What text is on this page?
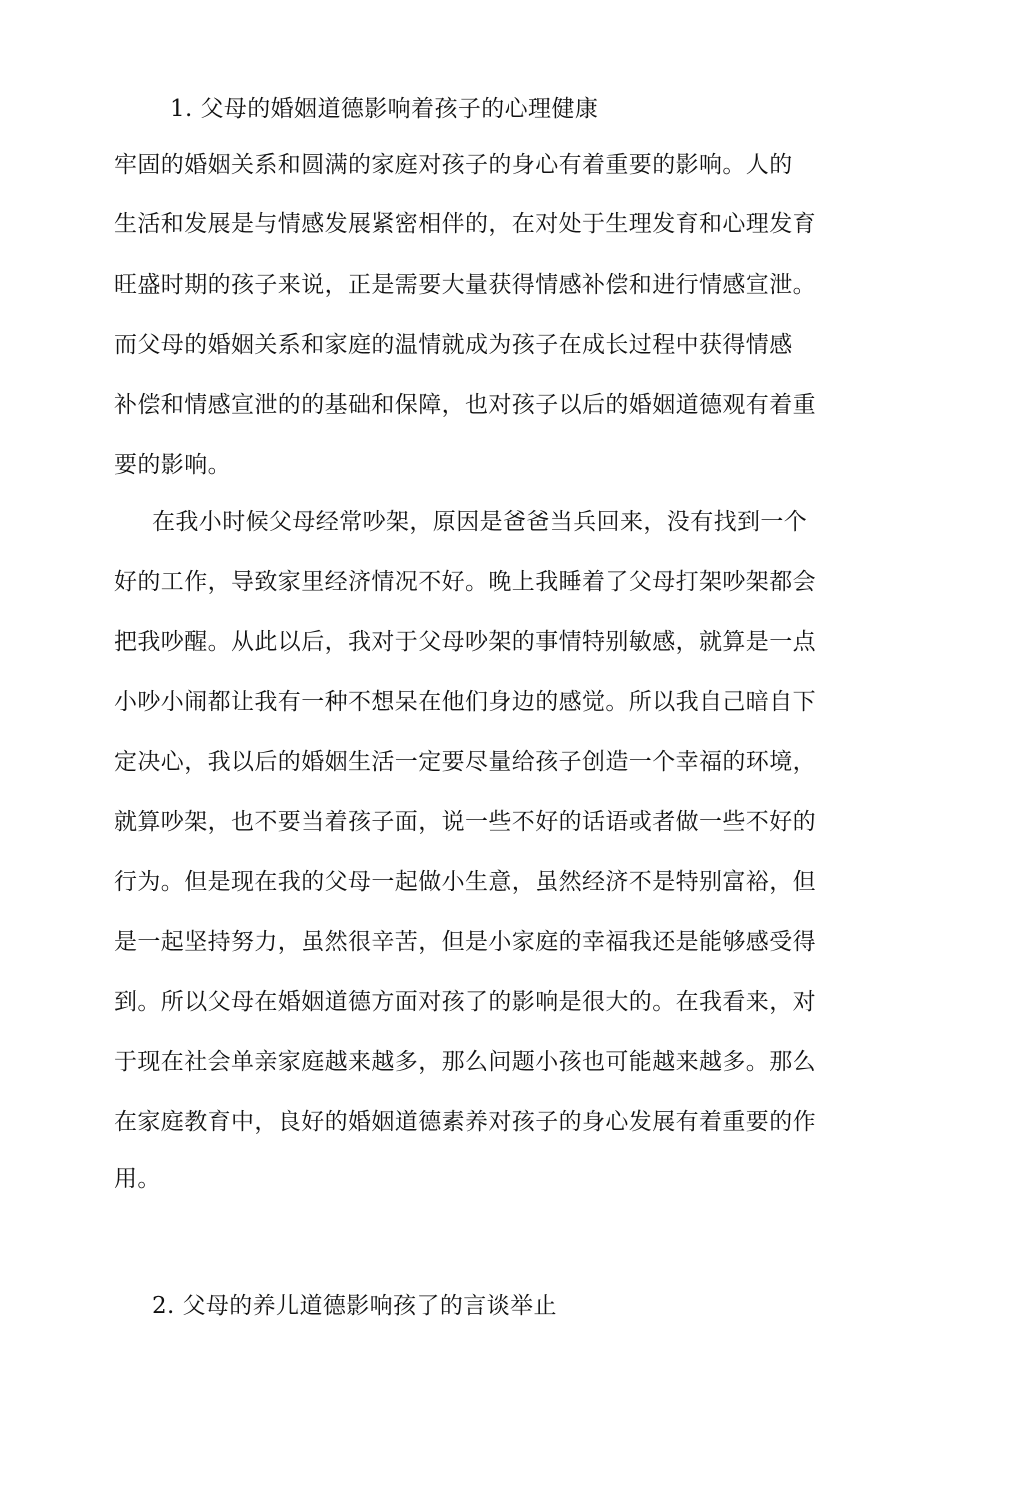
1. 父母的婚姻道德影响着孩子的心理健康
牢固的婚姻关系和圆满的家庭对孩子的身心有着重要的影响。人的
生活和发展是与情感发展紧密相伴的，在对处于生理发育和心理发育
旺盛时期的孩子来说，正是需要大量获得情感补偿和进行情感宣泄。
而父母的婚姻关系和家庭的温情就成为孩子在成长过程中获得情感
补偿和情感宣泄的的基础和保障，也对孩子以后的婚姻道德观有着重
要的影响。
在我小时候父母经常吵架，原因是爸爸当兵回来，没有找到一个
好的工作，导致家里经济情况不好。晚上我睡着了父母打架吵架都会
把我吵醒。从此以后，我对于父母吵架的事情特别敏感，就算是一点
小吵小闹都让我有一种不想呆在他们身边的感觉。所以我自己暗自下
定决心，我以后的婚姻生活一定要尽量给孩子创造一个幸福的环境，
就算吵架，也不要当着孩子面，说一些不好的话语或者做一些不好的
行为。但是现在我的父母一起做小生意，虽然经济不是特别富裕，但
是一起坚持努力，虽然很辛苦，但是小家庭的幸福我还是能够感受得
到。所以父母在婚姻道德方面对孩了的影响是很大的。在我看来，对
于现在社会单亲家庭越来越多，那么问题小孩也可能越来越多。那么
在家庭教育中，良好的婚姻道德素养对孩子的身心发展有着重要的作
用。
2. 父母的养儿道德影响孩了的言谈举止
